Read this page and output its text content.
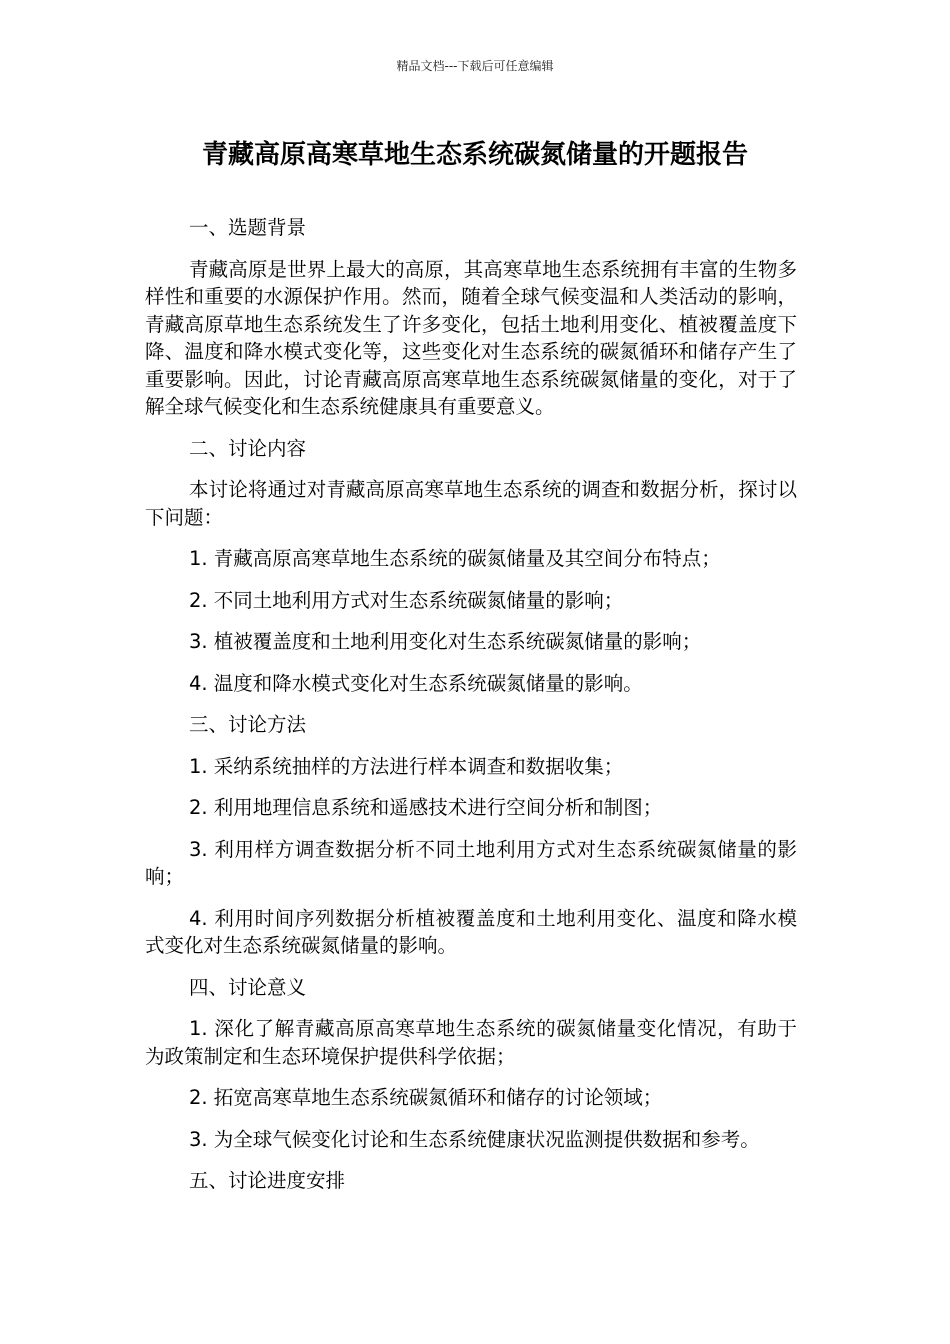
精品文档---下载后可任意编辑
青藏高原高寒草地生态系统碳氮储量的开题报告

一、选题背景

青藏高原是世界上最大的高原，其高寒草地生态系统拥有丰富的生物多样性和重要的水源保护作用。然而，随着全球气候变温和人类活动的影响，青藏高原草地生态系统发生了许多变化，包括土地利用变化、植被覆盖度下降、温度和降水模式变化等，这些变化对生态系统的碳氮循环和储存产生了重要影响。因此，讨论青藏高原高寒草地生态系统碳氮储量的变化，对于了解全球气候变化和生态系统健康具有重要意义。

二、讨论内容

本讨论将通过对青藏高原高寒草地生态系统的调查和数据分析，探讨以下问题：

1. 青藏高原高寒草地生态系统的碳氮储量及其空间分布特点；

2. 不同土地利用方式对生态系统碳氮储量的影响；

3. 植被覆盖度和土地利用变化对生态系统碳氮储量的影响；

4. 温度和降水模式变化对生态系统碳氮储量的影响。

三、讨论方法

1. 采纳系统抽样的方法进行样本调查和数据收集；

2. 利用地理信息系统和遥感技术进行空间分析和制图；

3. 利用样方调查数据分析不同土地利用方式对生态系统碳氮储量的影响；

4. 利用时间序列数据分析植被覆盖度和土地利用变化、温度和降水模式变化对生态系统碳氮储量的影响。

四、讨论意义

1. 深化了解青藏高原高寒草地生态系统的碳氮储量变化情况，有助于为政策制定和生态环境保护提供科学依据；

2. 拓宽高寒草地生态系统碳氮循环和储存的讨论领域；

3. 为全球气候变化讨论和生态系统健康状况监测提供数据和参考。

五、讨论进度安排
